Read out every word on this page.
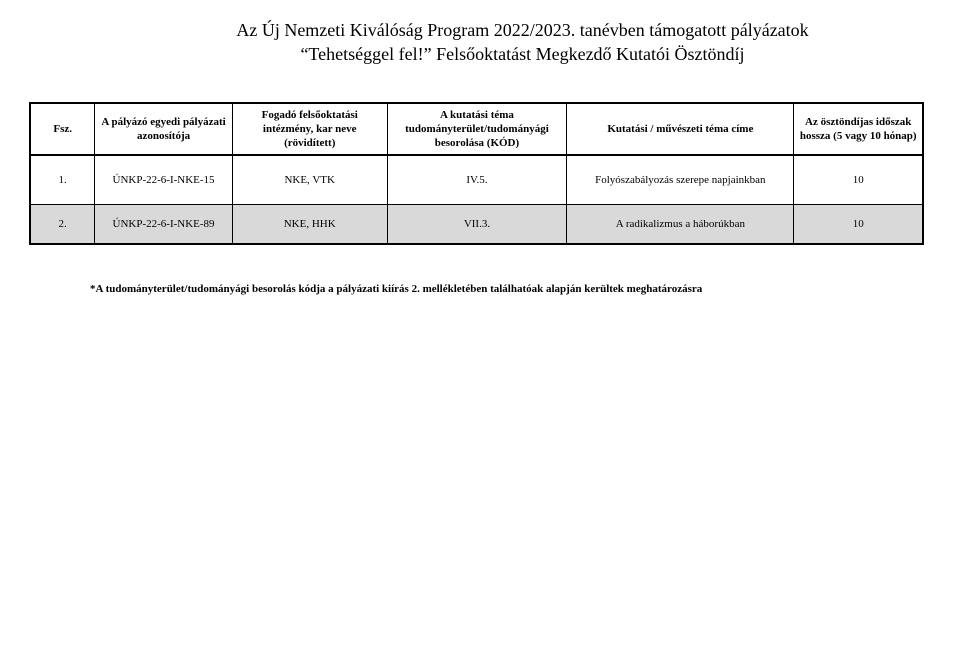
Az Új Nemzeti Kiválóság Program 2022/2023. tanévben támogatott pályázatok
“Tehetséggel fel!” Felsőoktatást Megkezdő Kutatói Ösztöndíj
Fsz.	A pályázó egyedi pályázati azonosítója	Fogadó felsőoktatási intézmény, kar neve (rövidített)	A kutatási téma tudományterület/tudományági besorolása (KÓD)	Kutatási / művészeti téma címe	Az ösztöndíjas időszak hossza (5 vagy 10 hónap)
1.	ÚNKP-22-6-I-NKE-15	NKE, VTK	IV.5.	Folyószabályozás szerepe napjainkban	10
2.	ÚNKP-22-6-I-NKE-89	NKE, HHK	VII.3.	A radikalizmus a háborúkban	10
*A tudományterület/tudományági besorolás kódja a pályázati kiírás 2. mellékletében találhatóak alapján kerültek meghatározásra
